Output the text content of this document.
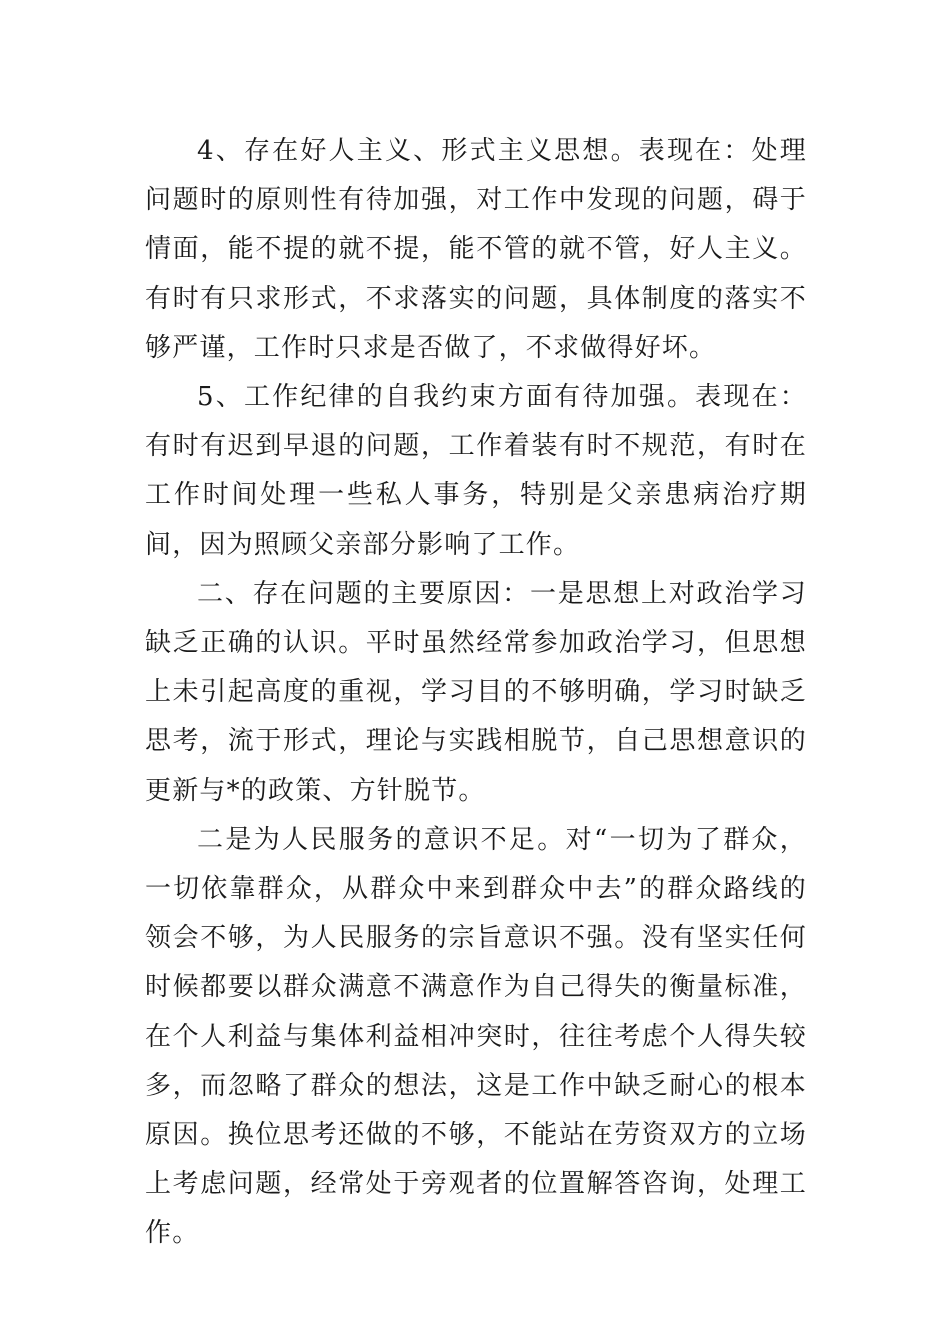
4、存在好人主义、形式主义思想。表现在：处理问题时的原则性有待加强，对工作中发现的问题，碍于情面，能不提的就不提，能不管的就不管，好人主义。有时有只求形式，不求落实的问题，具体制度的落实不够严谨，工作时只求是否做了，不求做得好坏。

5、工作纪律的自我约束方面有待加强。表现在：有时有迟到早退的问题，工作着装有时不规范，有时在工作时间处理一些私人事务，特别是父亲患病治疗期间，因为照顾父亲部分影响了工作。

二、存在问题的主要原因：一是思想上对政治学习缺乏正确的认识。平时虽然经常参加政治学习，但思想上未引起高度的重视，学习目的不够明确，学习时缺乏思考，流于形式，理论与实践相脱节，自己思想意识的更新与*的政策、方针脱节。

二是为人民服务的意识不足。对“一切为了群众，一切依靠群众，从群众中来到群众中去”的群众路线的领会不够，为人民服务的宗旨意识不强。没有坚实任何时候都要以群众满意不满意作为自己得失的衡量标准，在个人利益与集体利益相冲突时，往往考虑个人得失较多，而忽略了群众的想法，这是工作中缺乏耐心的根本原因。换位思考还做的不够，不能站在劳资双方的立场上考虑问题，经常处于旁观者的位置解答咨询，处理工作。
